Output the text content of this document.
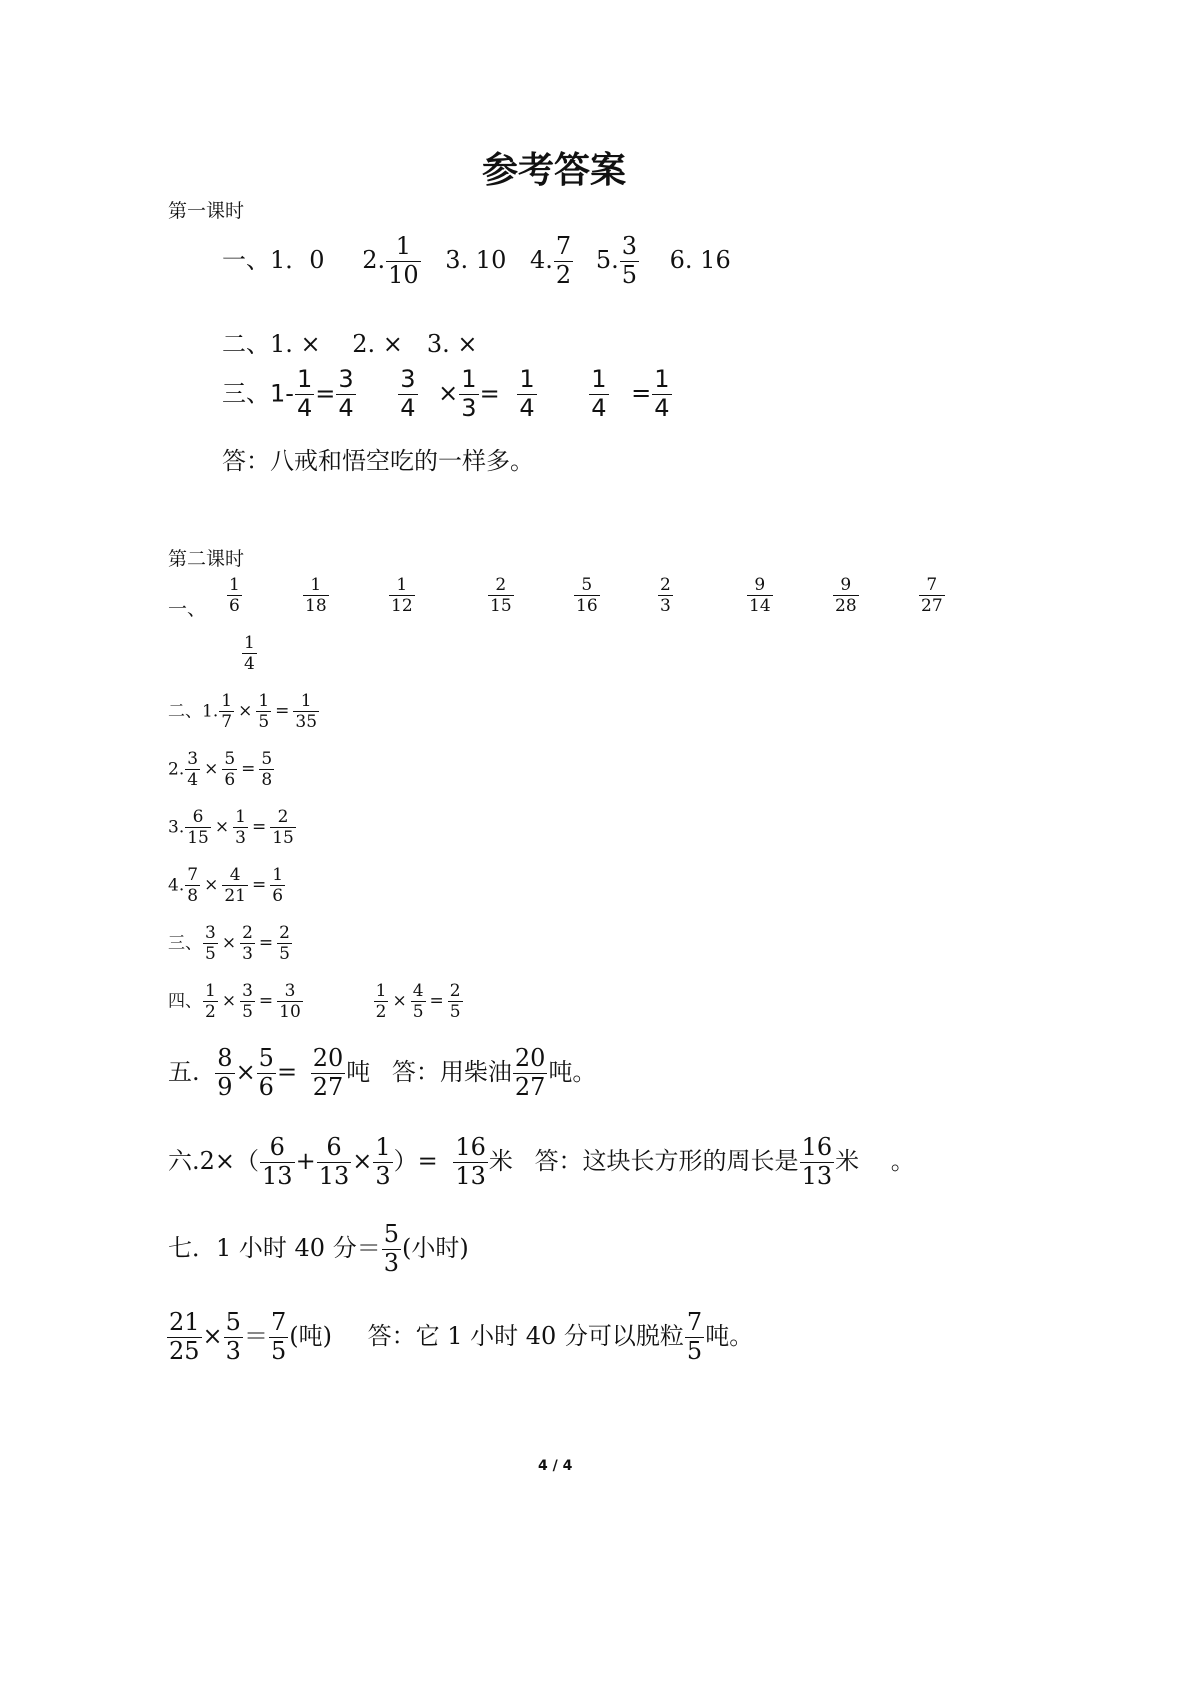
参考答案
第一课时
一、1．0 2. $\frac{1}{10} 3$. 10 4. $\frac{7}{2} 5$. $\frac{3}{5} 6$. 16
二、1. ×　 2. ×　3. ×
三、$1- \frac{1}{4} = \frac{3}{4}$
$\frac{3}{4} \times \frac{1}{3} = \frac{1}{4}$
$\frac{1}{4} = \frac{1}{4}$
答：八戒和悟空吃的一样多。
第二课时
一、 $\frac{1}{6}$	$\frac{1}{18}$	$\frac{1}{12}$	$\frac{2}{15}$	$\frac{5}{16}$	$\frac{2}{3}$	$\frac{9}{14}$	$\frac{9}{28}$	$\frac{7}{27}$
$\frac{1}{4}$
二、1. $\frac{1}{7} \times \frac{1}{5} = \frac{1}{35}$
2. $\frac{3}{4} \times \frac{5}{6} = \frac{5}{8}$
3. $\frac{6}{15} \times \frac{1}{3} = \frac{2}{15}$
4. $\frac{7}{8} \times \frac{4}{21} = \frac{1}{6}$
三、 $\frac{3}{5} \times \frac{2}{3} = \frac{2}{5}$
四、 $\frac{1}{2} \times \frac{3}{5} = \frac{3}{10}$
	$\frac{1}{2} \times \frac{4}{5} = \frac{2}{5}$
五. $\frac{8}{9} \times \frac{5}{6} = \frac{20}{27}$ 吨 答：用柴油 $\frac{20}{27}$ 吨。
六$.2\times( \frac{6}{13} + \frac{6}{13} \times \frac{1}{3}$ ）= $\frac{16}{13}$ 米 答：这块长方形的周长是 $\frac{16}{13}$ 米　 。
七．1 小时 40 分＝ $\frac{5}{3}$ (小时)
$\frac{21}{25} \times \frac{5}{3} = \frac{7}{5}$ (吨) 答：它 1 小时 40 分可以脱粒 $\frac{7}{5}$ 吨。
4 / 4
